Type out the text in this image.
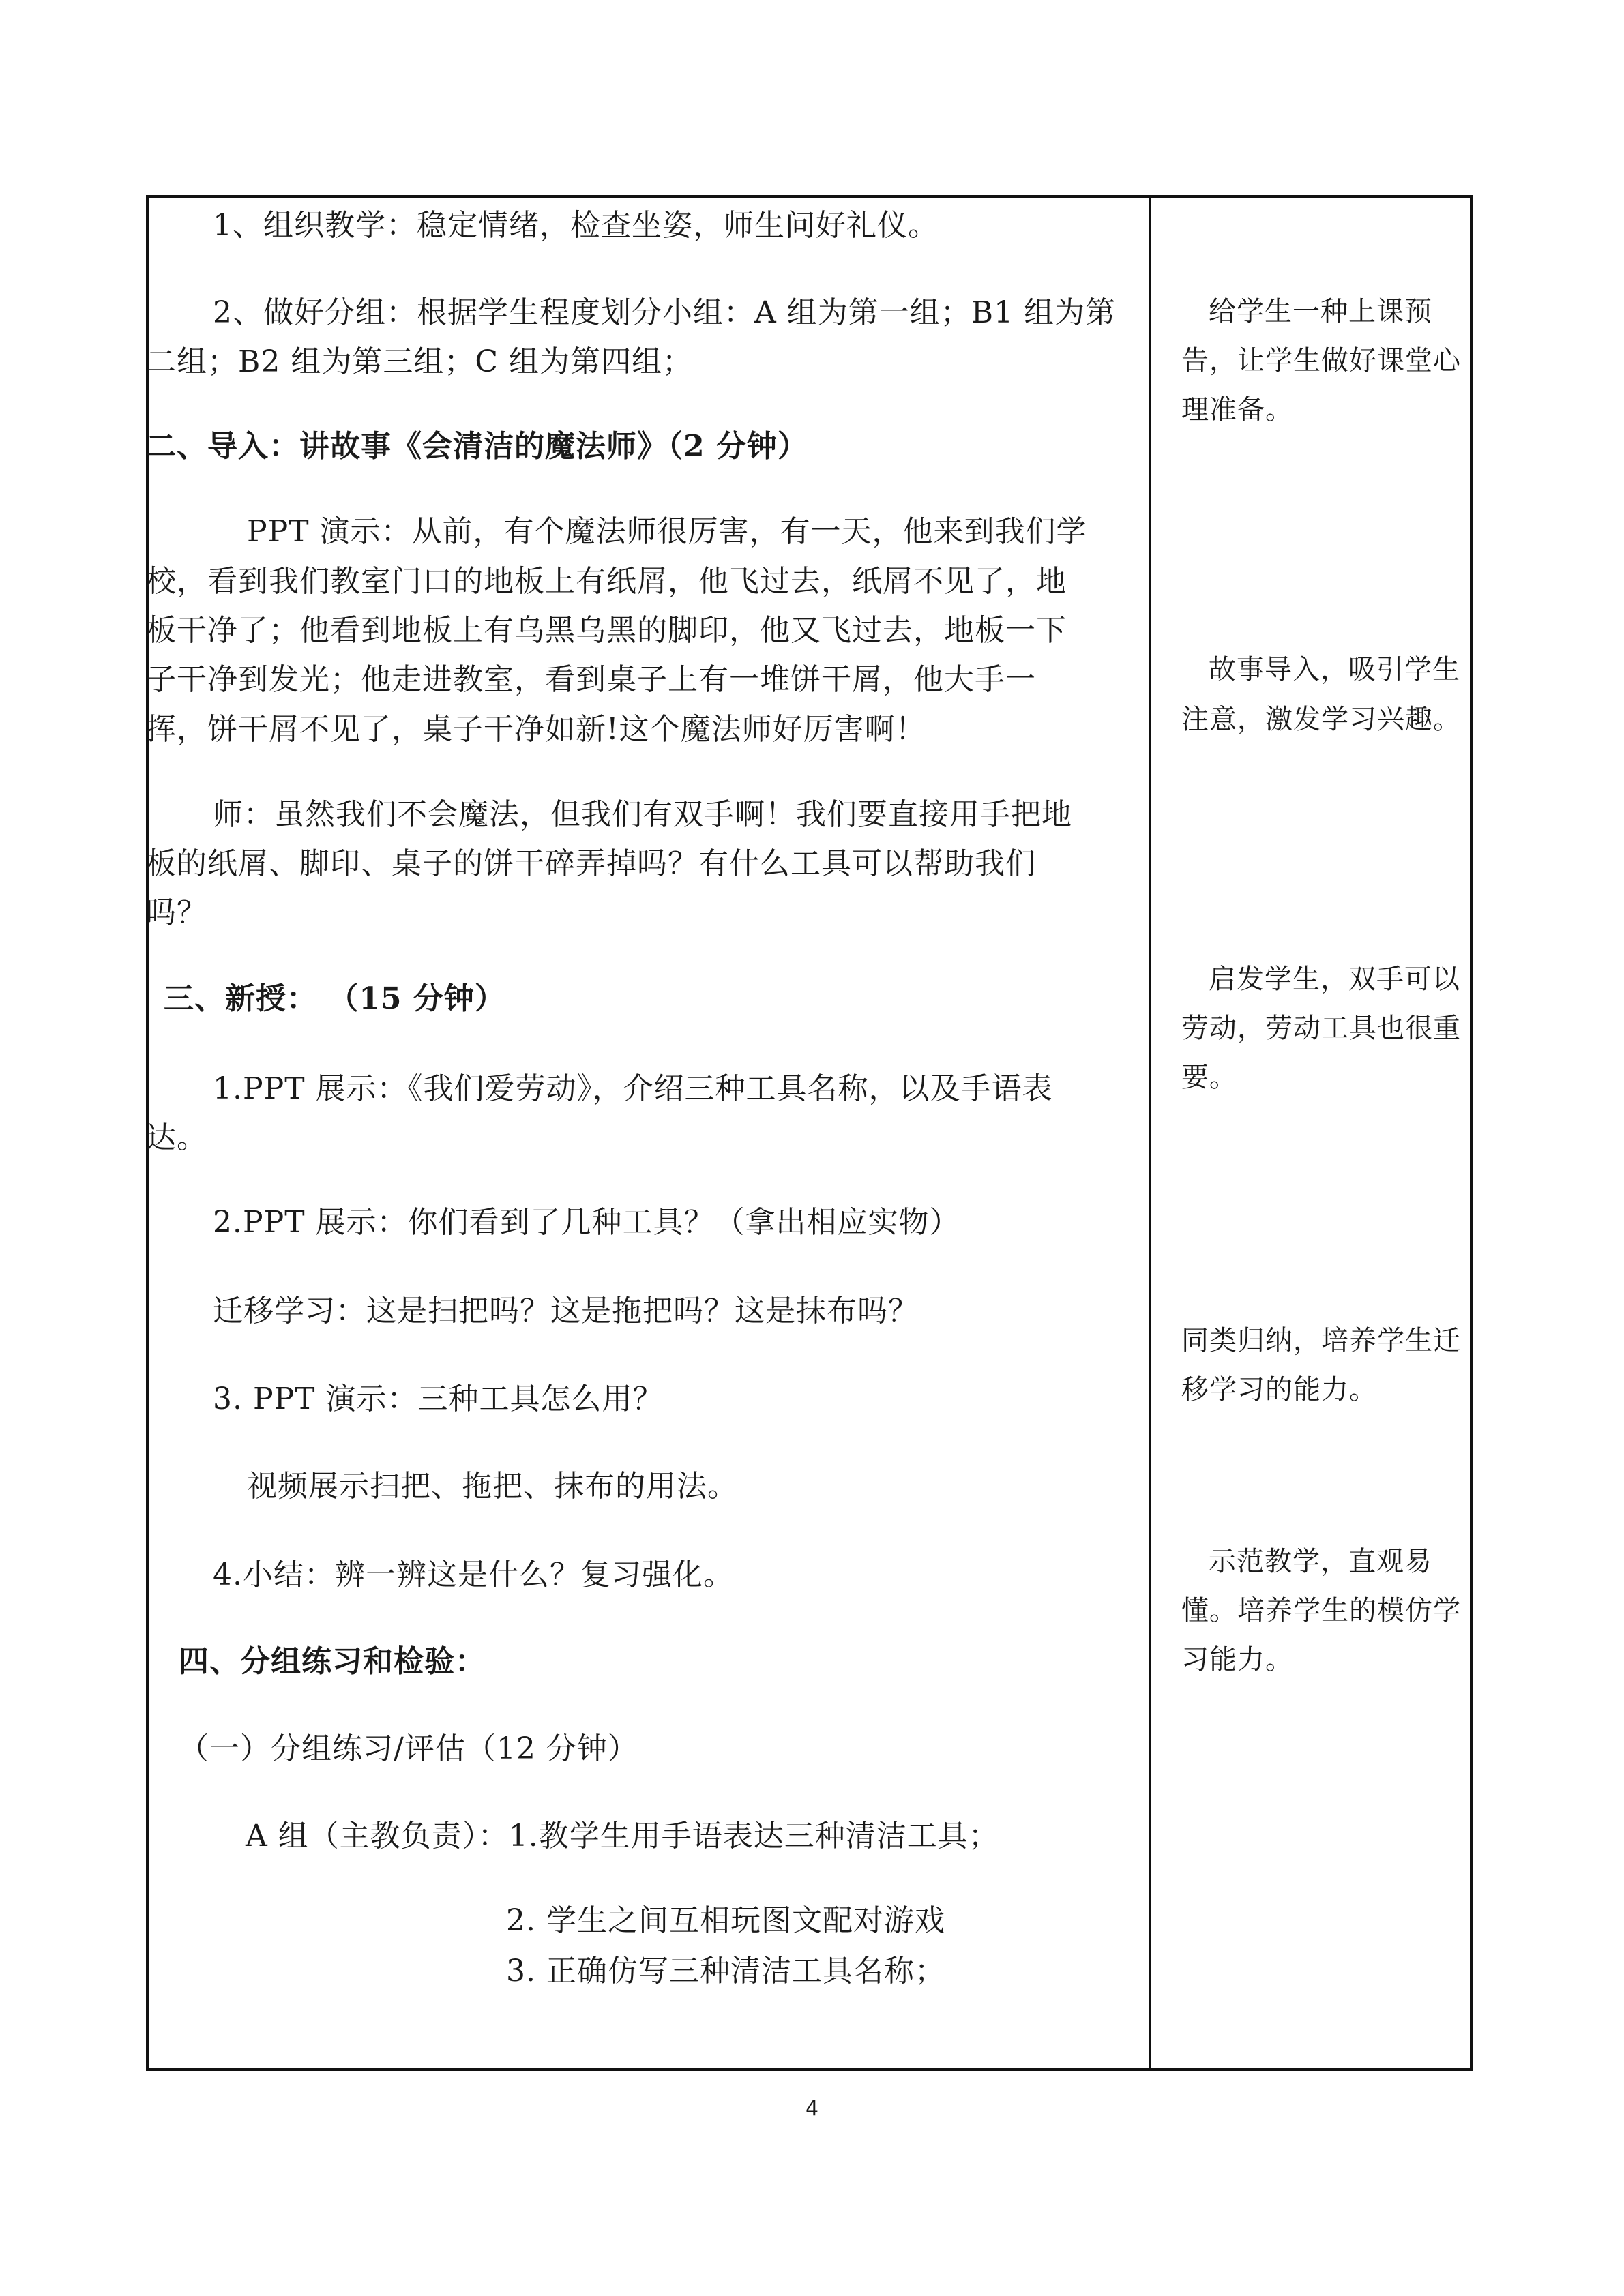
1、组织教学：稳定情绪，检查坐姿，师生问好礼仪。
2、做好分组：根据学生程度划分小组：A 组为第一组；B1 组为第
二组；B2 组为第三组；C 组为第四组；
二、导入：讲故事《会清洁的魔法师》（2 分钟）
PPT 演示：从前，有个魔法师很厉害，有一天，他来到我们学
校，看到我们教室门口的地板上有纸屑，他飞过去，纸屑不见了，地
板干净了；他看到地板上有乌黑乌黑的脚印，他又飞过去，地板一下
子干净到发光；他走进教室，看到桌子上有一堆饼干屑，他大手一
挥，饼干屑不见了，桌子干净如新!这个魔法师好厉害啊！
师：虽然我们不会魔法，但我们有双手啊！我们要直接用手把地
板的纸屑、脚印、桌子的饼干碎弄掉吗？有什么工具可以帮助我们
吗？
三、新授： （15 分钟）
1.PPT 展示：《我们爱劳动》，介绍三种工具名称，以及手语表
达。
2.PPT 展示：你们看到了几种工具？（拿出相应实物）
迁移学习：这是扫把吗？这是拖把吗？这是抹布吗？
3. PPT 演示：三种工具怎么用？
视频展示扫把、拖把、抹布的用法。
4.小结：辨一辨这是什么？复习强化。
四、分组练习和检验：
（一）分组练习/评估（12 分钟）
A 组（主教负责）：1.教学生用手语表达三种清洁工具；
2. 学生之间互相玩图文配对游戏
3. 正确仿写三种清洁工具名称；
给学生一种上课预
告，让学生做好课堂心
理准备。
故事导入，吸引学生
注意，激发学习兴趣。
启发学生，双手可以
劳动，劳动工具也很重
要。
同类归纳，培养学生迁
移学习的能力。
示范教学，直观易
懂。培养学生的模仿学
习能力。
4
